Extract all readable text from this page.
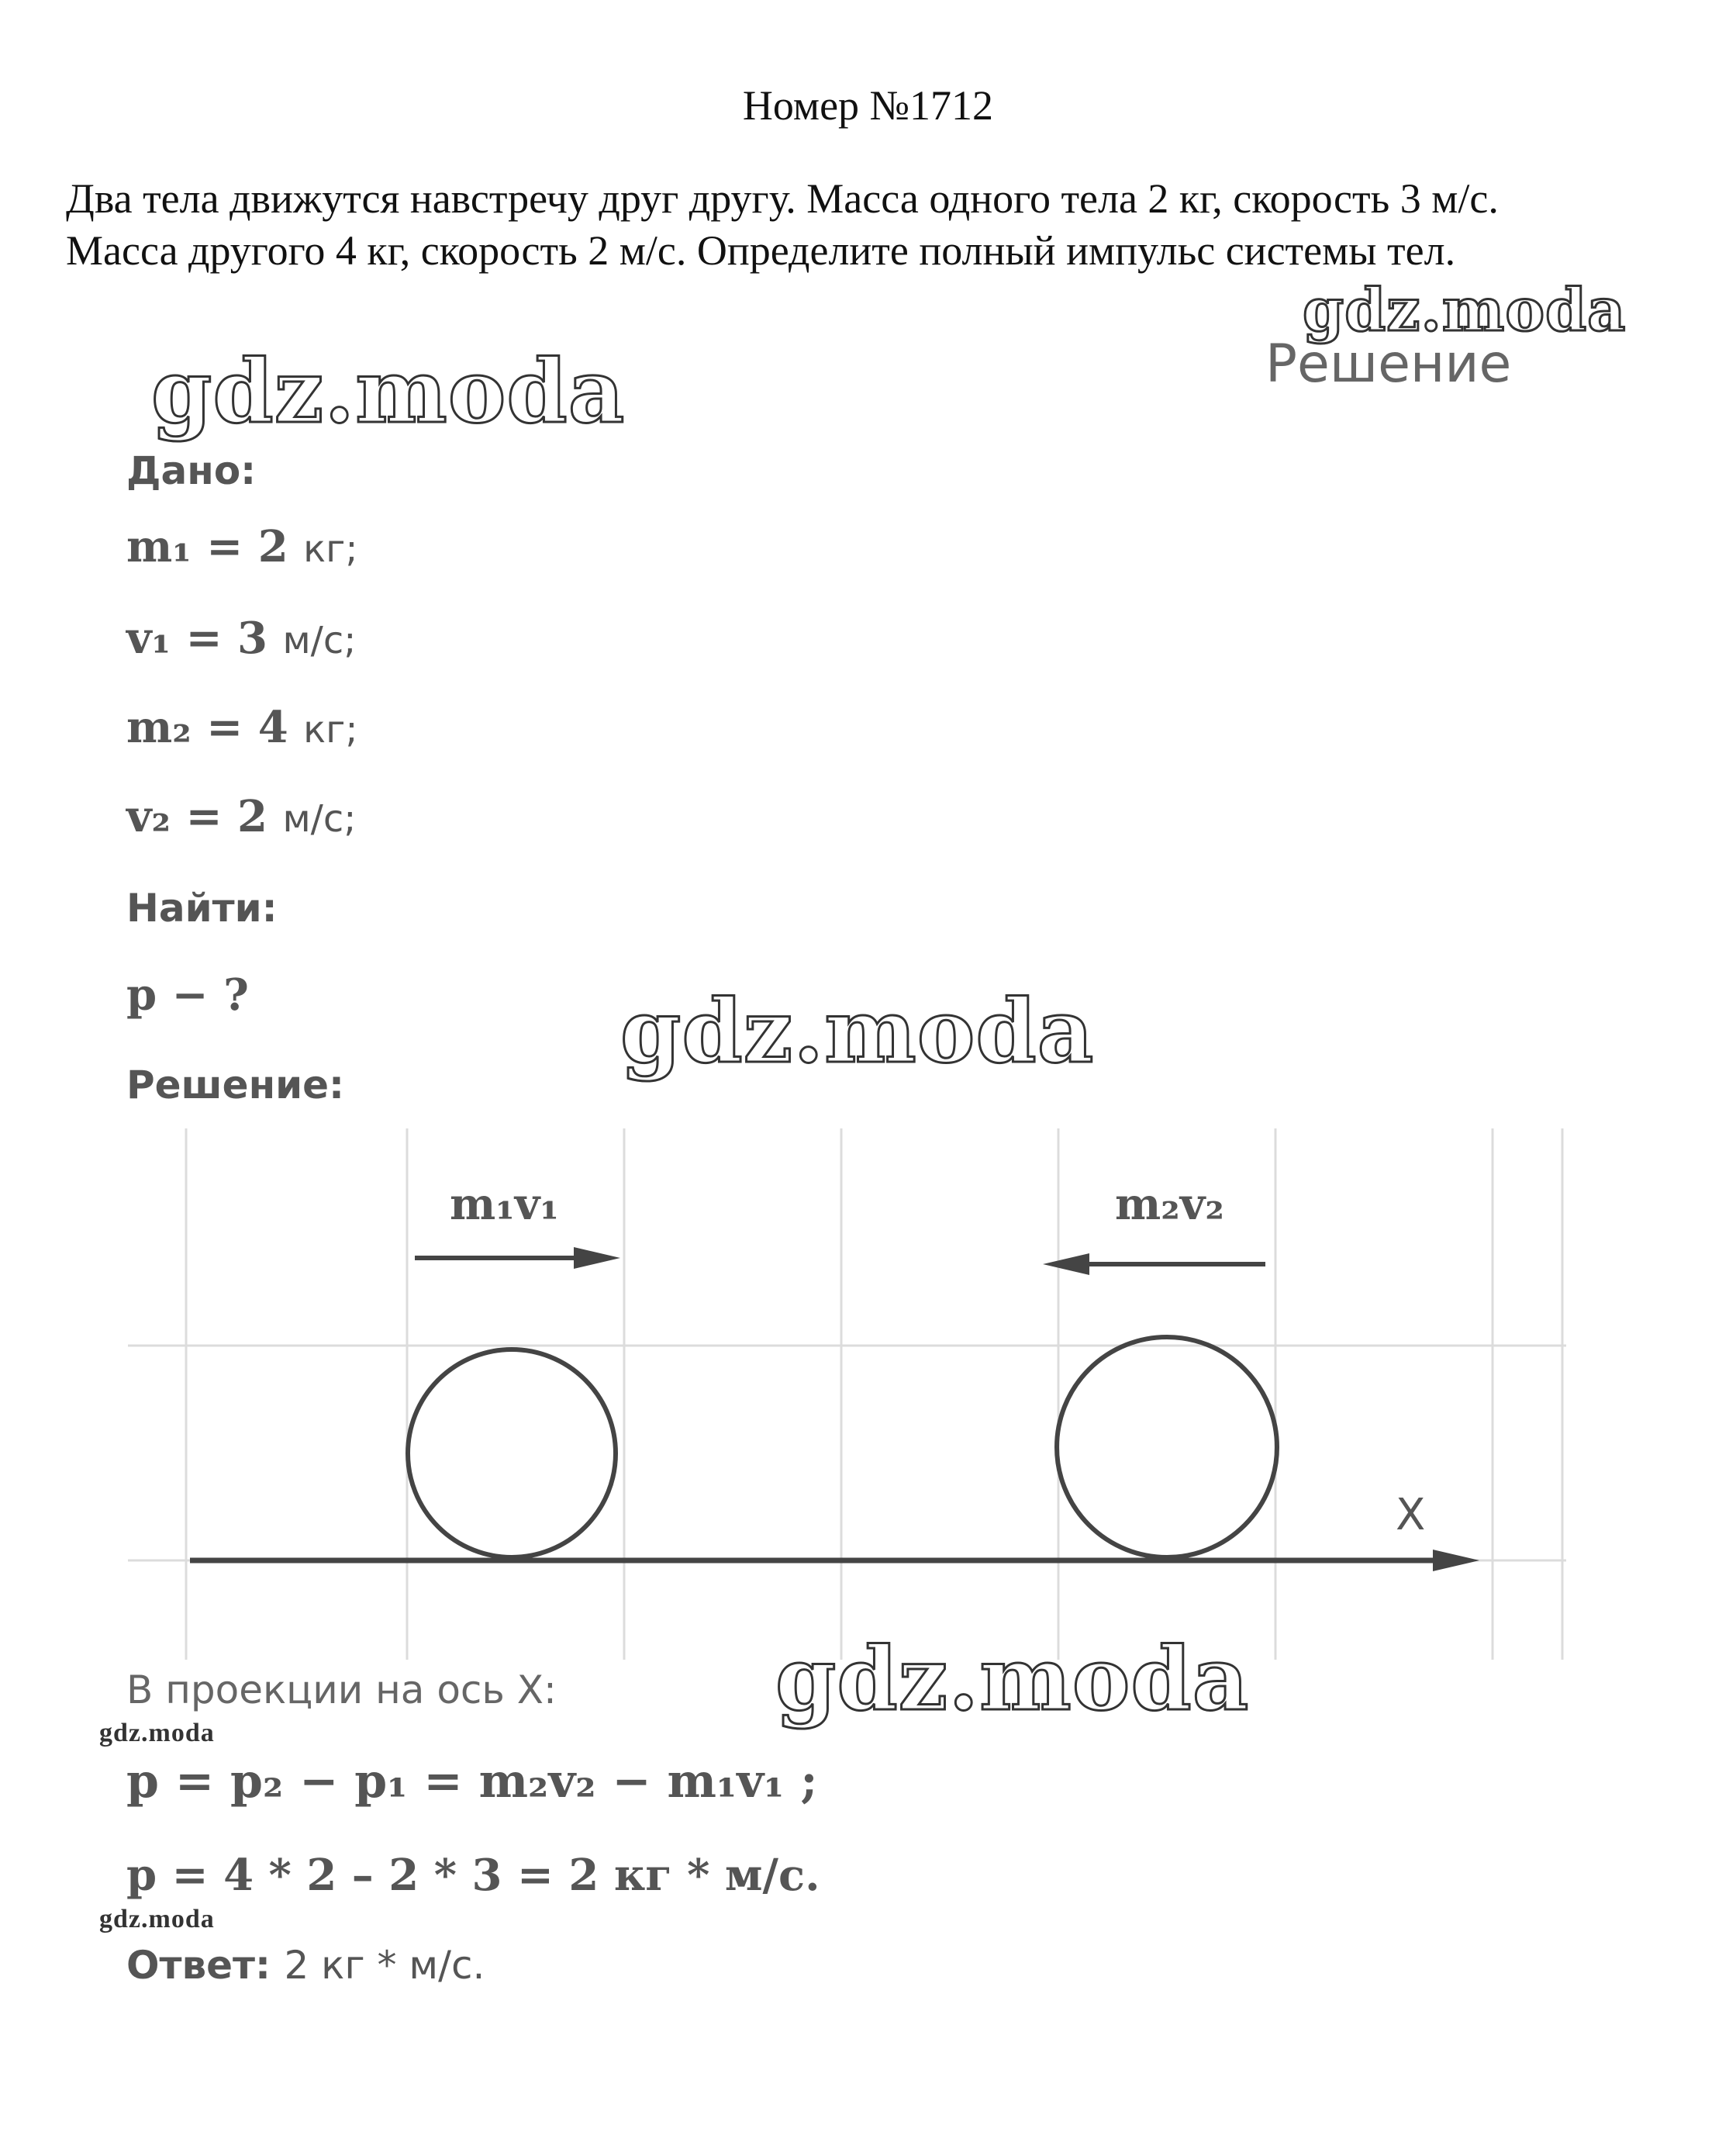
Номер №1712
Два тела движутся навстречу друг другу. Масса одного тела 2 кг, скорость 3 м/с.
Масса другого 4 кг, скорость 2 м/с. Определите полный импульс системы тел.
gdz.moda
Решение
gdz.moda
Дано:
m₁ = 2 кг;
v₁ = 3 м/с;
m₂ = 4 кг;
v₂ = 2 м/с;
Найти:
p − ?	gdz.moda
Решение:
X
m₁v₁	m₂v₂
В проекции на ось X:	gdz.moda
gdz.moda
p = p₂ − p₁ = m₂v₂ − m₁v₁ ;
p = 4 * 2 – 2 * 3 = 2 кг * м/с.
gdz.moda
Ответ: 2 кг * м/с.
